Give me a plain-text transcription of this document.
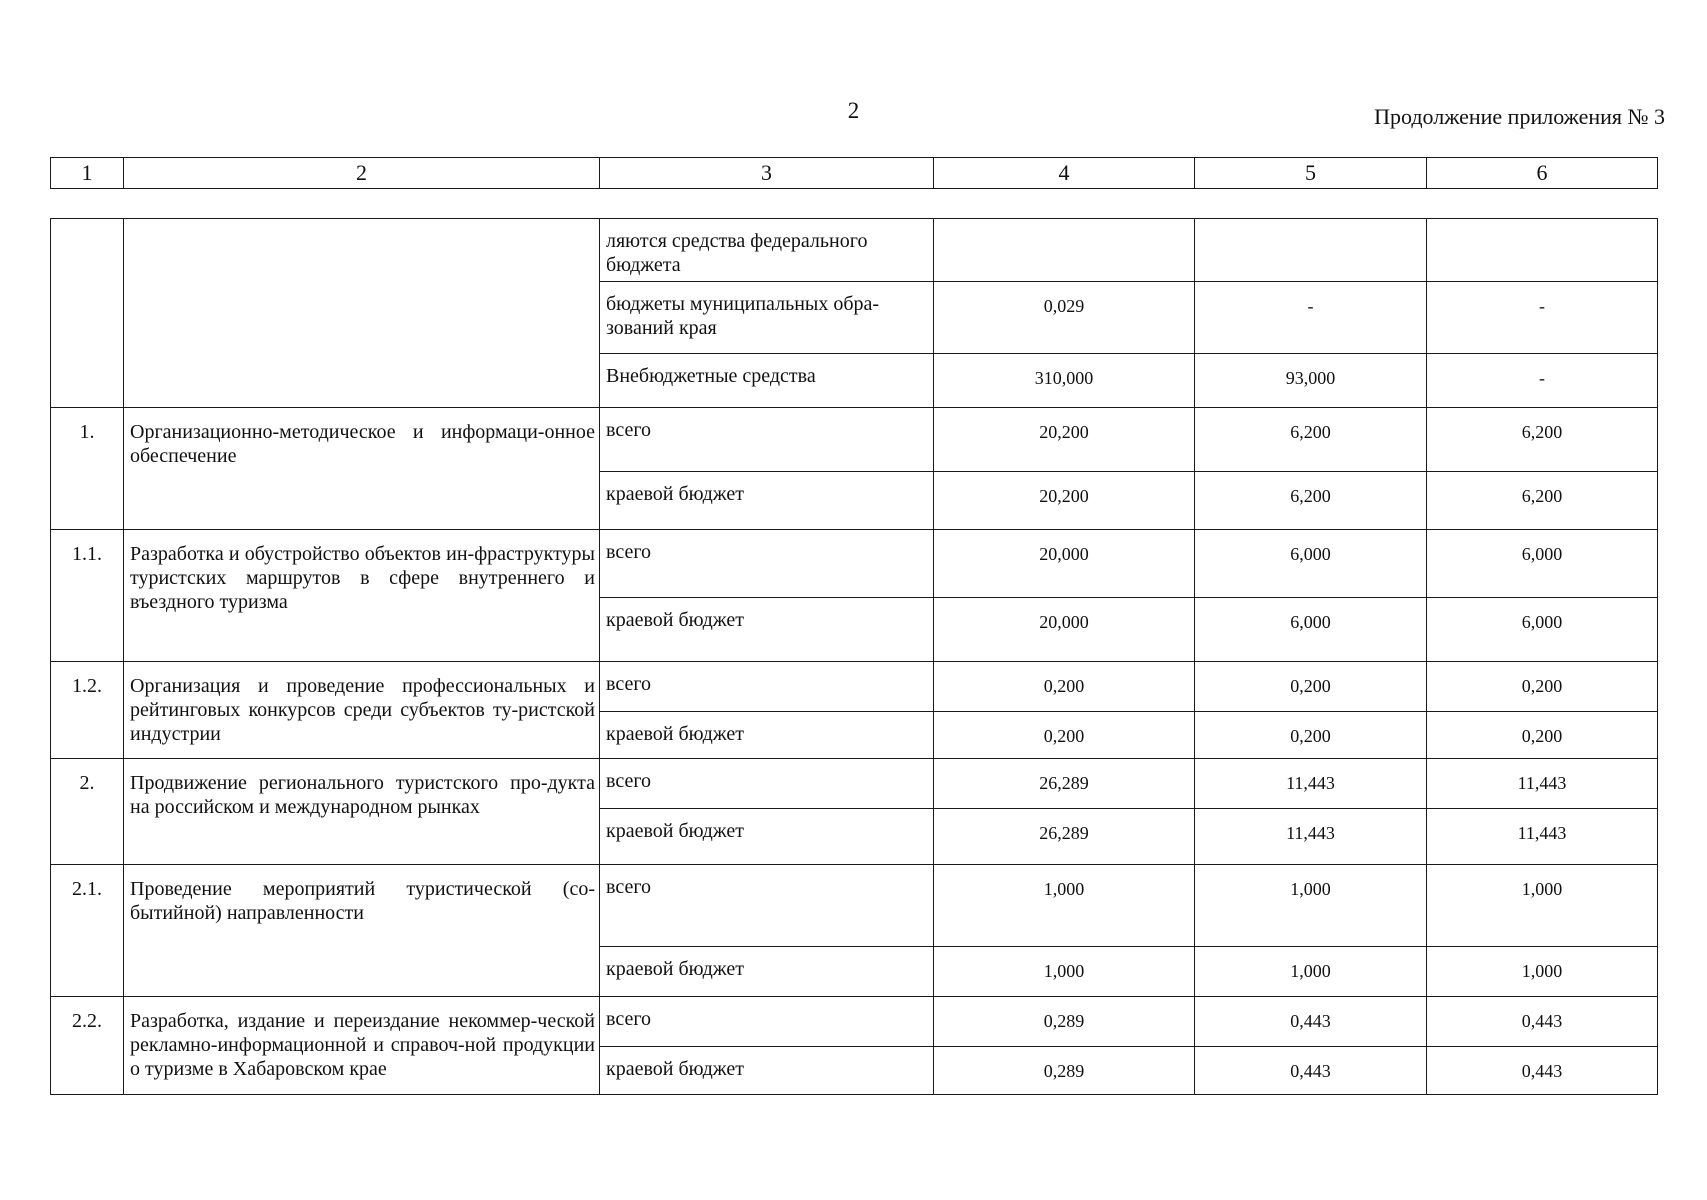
2	Продолжение приложения № 3
1	2	3	4	5	6
		ляются средства федерального бюджета			
		бюджеты муниципальных обра-зований края	0,029	-	-
		Внебюджетные средства	310,000	93,000	-
1.	Организационно-методическое и информаци-онное обеспечение	всего	20,200	6,200	6,200
		краевой бюджет	20,200	6,200	6,200
1.1.	Разработка и обустройство объектов ин-фраструктуры туристских маршрутов в сфере внутреннего и въездного туризма	всего	20,000	6,000	6,000
		краевой бюджет	20,000	6,000	6,000
1.2.	Организация и проведение профессиональных и рейтинговых конкурсов среди субъектов ту-ристской индустрии	всего	0,200	0,200	0,200
		краевой бюджет	0,200	0,200	0,200
2.	Продвижение регионального туристского про-дукта на российском и международном рынках	всего	26,289	11,443	11,443
		краевой бюджет	26,289	11,443	11,443
2.1.	Проведение мероприятий туристической (со-бытийной) направленности	всего	1,000	1,000	1,000
		краевой бюджет	1,000	1,000	1,000
2.2.	Разработка, издание и переиздание некоммер-ческой рекламно-информационной и справоч-ной продукции о туризме в Хабаровском крае	всего	0,289	0,443	0,443
		краевой бюджет	0,289	0,443	0,443
